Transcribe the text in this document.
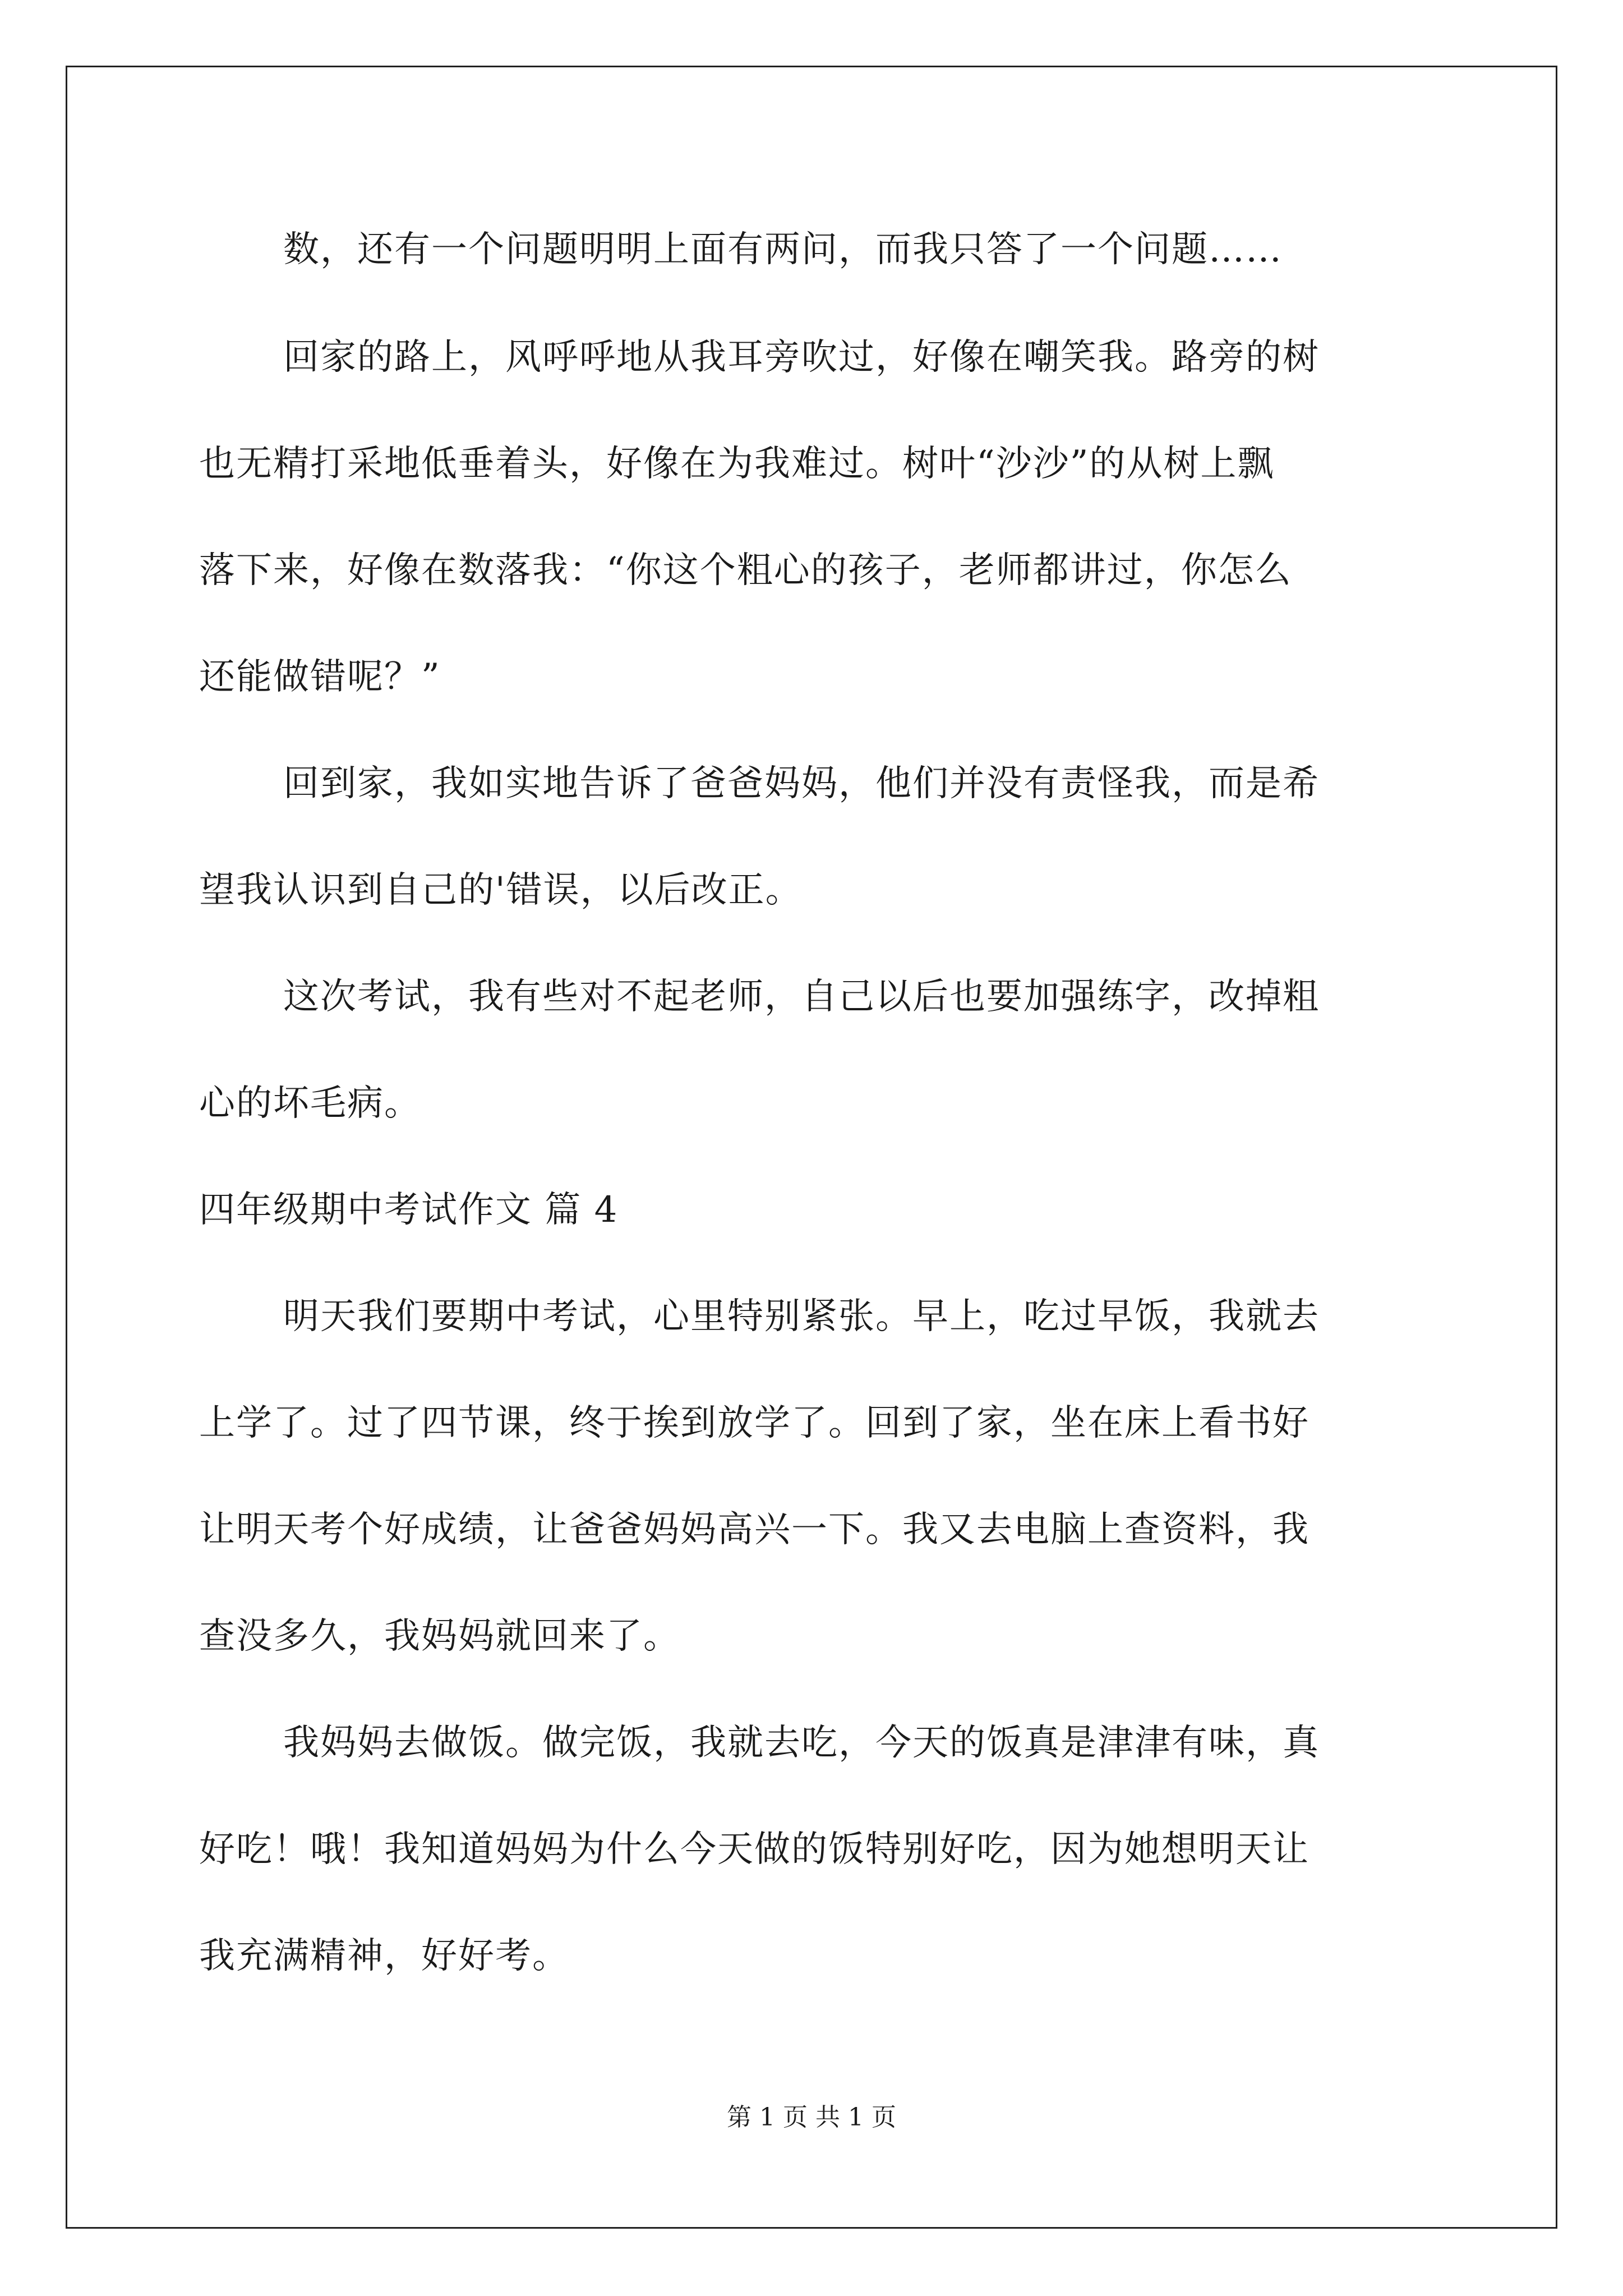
数，还有一个问题明明上面有两问，而我只答了一个问题……
回家的路上，风呼呼地从我耳旁吹过，好像在嘲笑我。路旁的树
也无精打采地低垂着头，好像在为我难过。树叶“沙沙”的从树上飘
落下来，好像在数落我：“你这个粗心的孩子，老师都讲过，你怎么
还能做错呢？”
回到家，我如实地告诉了爸爸妈妈，他们并没有责怪我，而是希
望我认识到自己的'错误，以后改正。
这次考试，我有些对不起老师，自己以后也要加强练字，改掉粗
心的坏毛病。
四年级期中考试作文 篇 4
明天我们要期中考试，心里特别紧张。早上，吃过早饭，我就去
上学了。过了四节课，终于挨到放学了。回到了家，坐在床上看书好
让明天考个好成绩，让爸爸妈妈高兴一下。我又去电脑上查资料，我
查没多久，我妈妈就回来了。
我妈妈去做饭。做完饭，我就去吃，今天的饭真是津津有味，真
好吃！哦！我知道妈妈为什么今天做的饭特别好吃，因为她想明天让
我充满精神，好好考。
第 1 页 共 1 页
